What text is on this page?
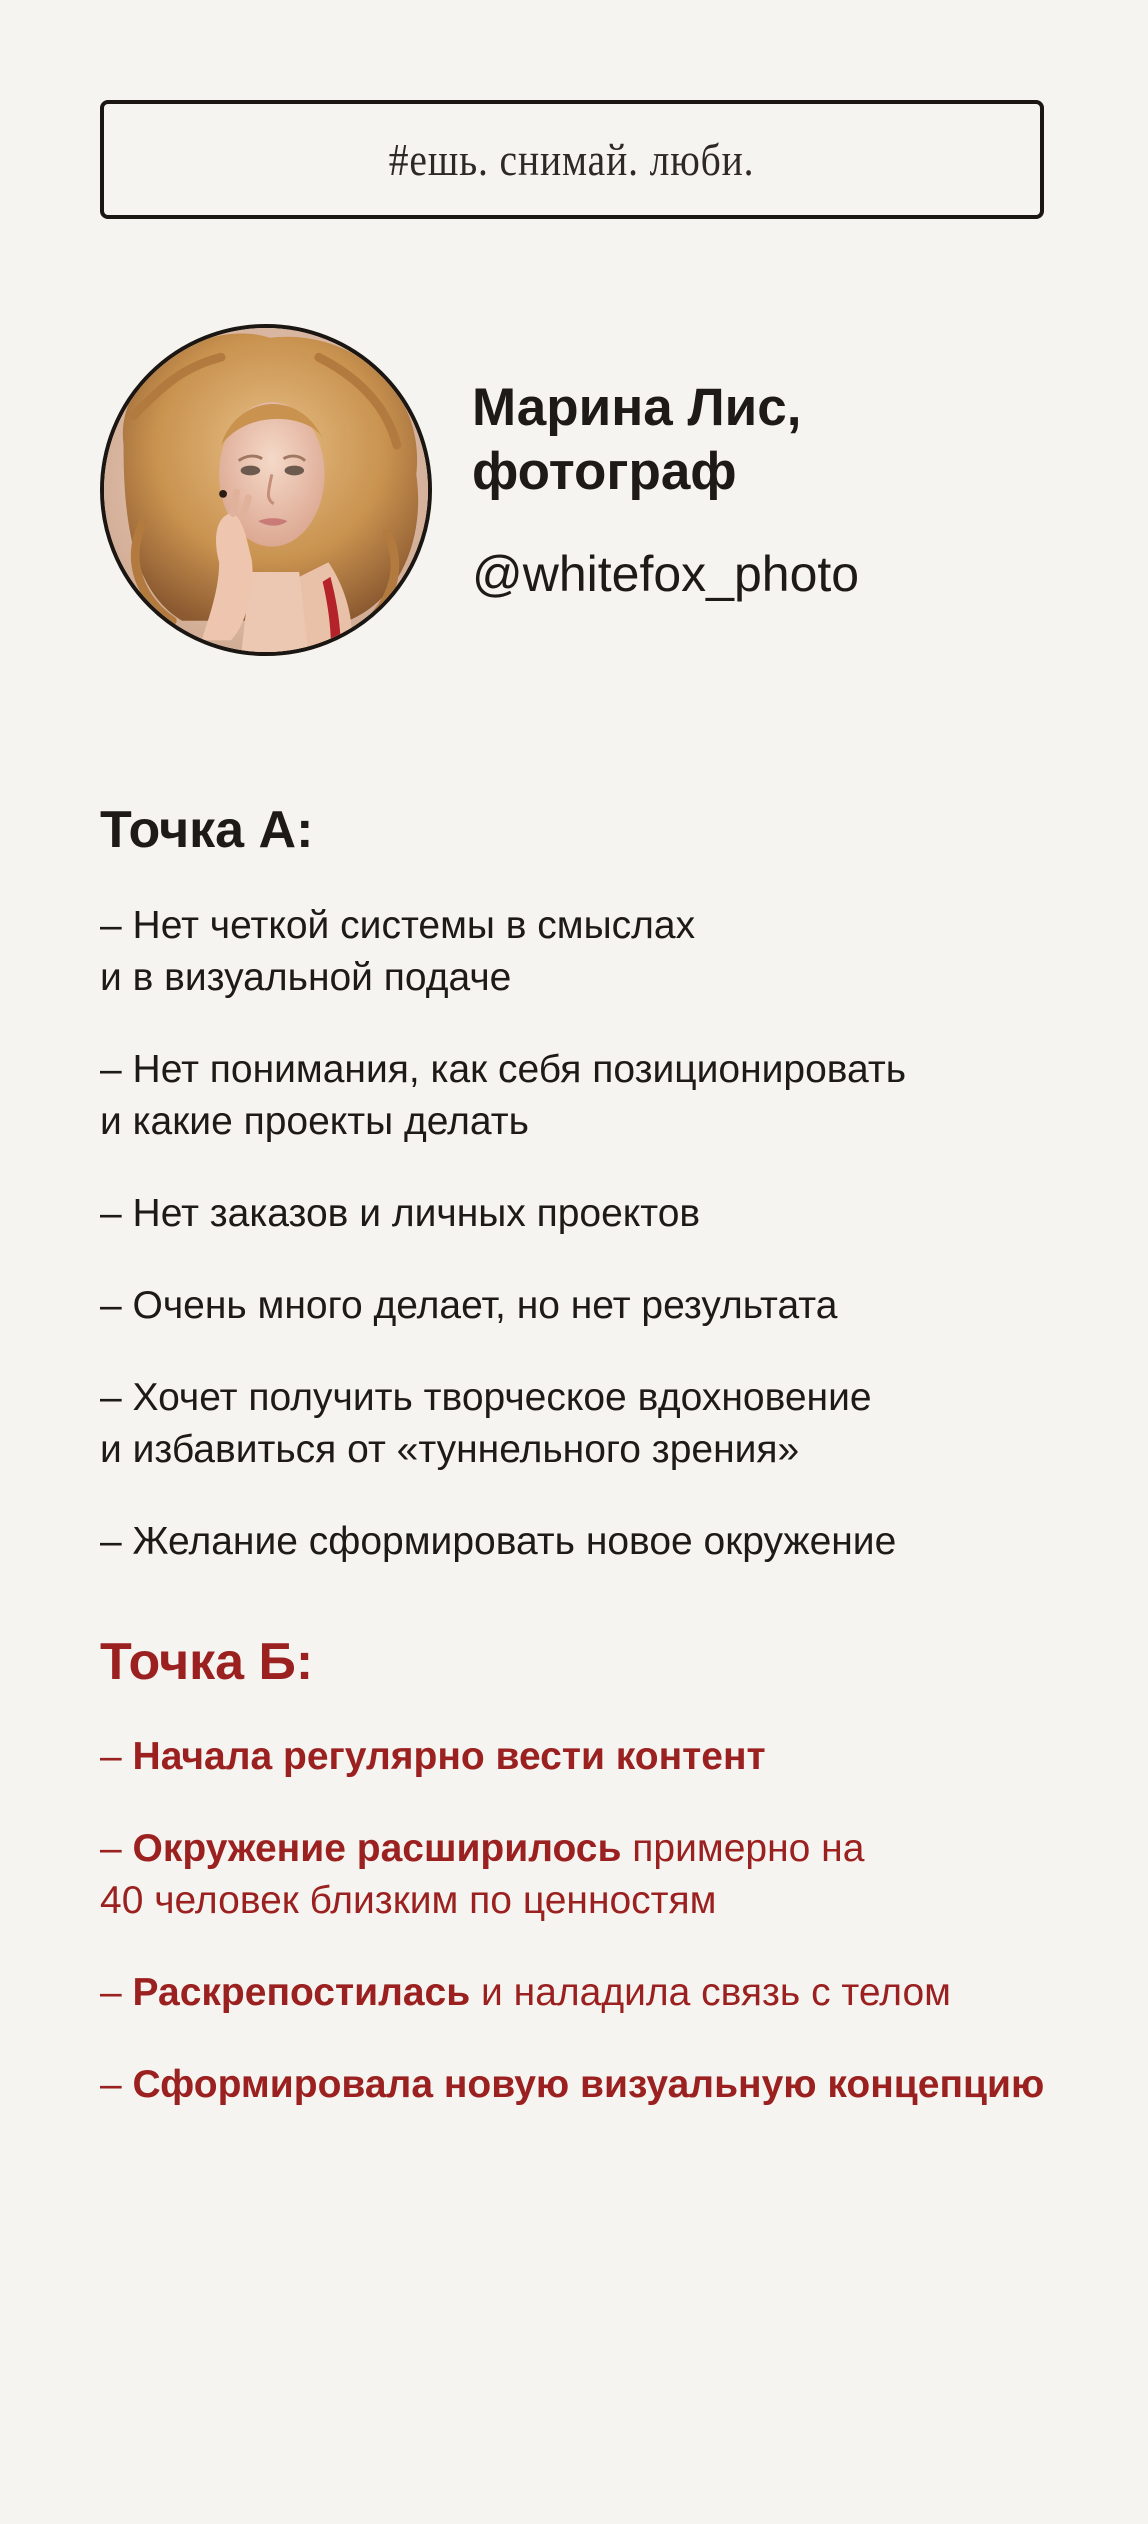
#ешь. снимай. люби.
Марина Лис,
фотограф

@whitefox_photo

Точка А:
– Нет четкой системы в смыслах
и в визуальной подаче
– Нет понимания, как себя позиционировать
и какие проекты делать
– Нет заказов и личных проектов
– Очень много делает, но нет результата
– Хочет получить творческое вдохновение
и избавиться от «туннельного зрения»
– Желание сформировать новое окружение
Точка Б:
– Начала регулярно вести контент
– Окружение расширилось примерно на
40 человек близким по ценностям
– Раскрепостилась и наладила связь с телом
– Сформировала новую визуальную концепцию
